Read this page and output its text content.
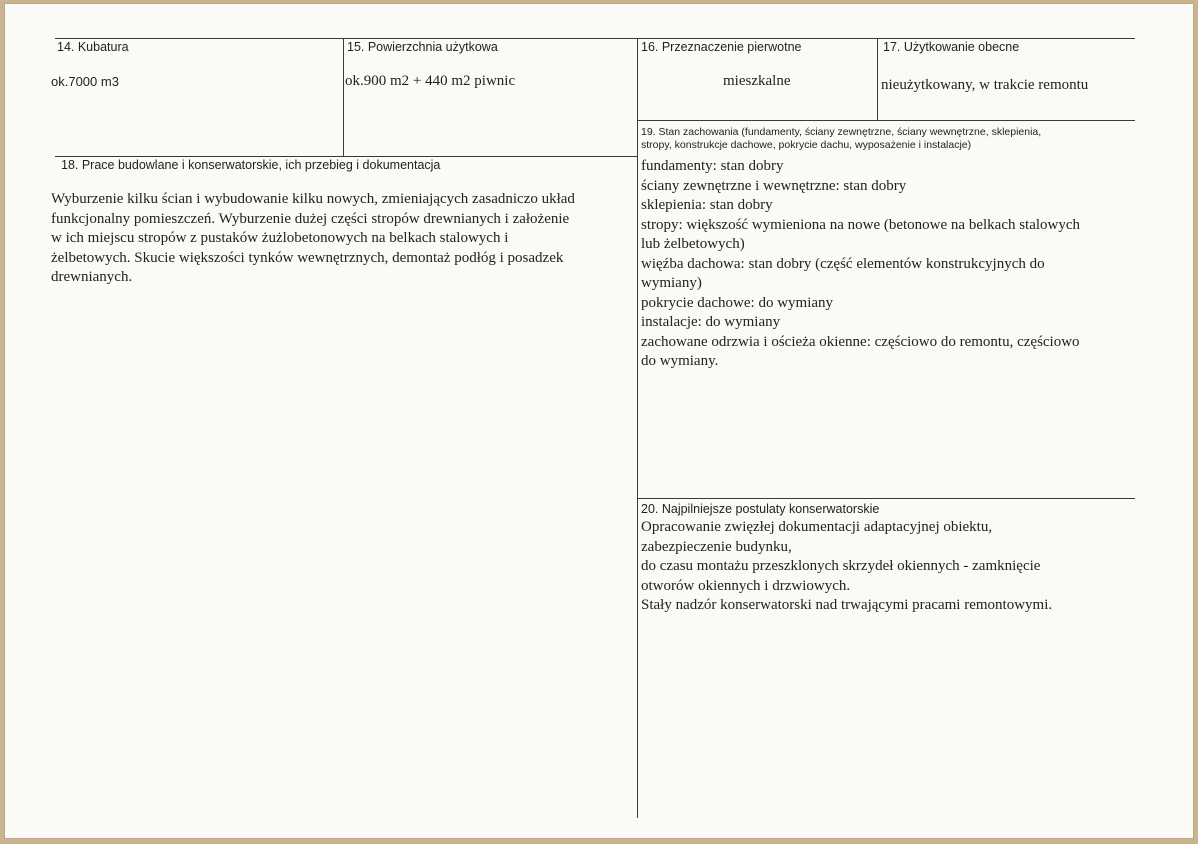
14. Kubatura
ok.7000 m3
15. Powierzchnia użytkowa
ok.900 m2 + 440 m2 piwnic
16. Przeznaczenie pierwotne
mieszkalne
17. Użytkowanie obecne
nieużytkowany, w trakcie remontu
18. Prace budowlane i konserwatorskie, ich przebieg i dokumentacja
Wyburzenie kilku ścian i wybudowanie kilku nowych, zmieniających zasadniczo układ
funkcjonalny pomieszczeń. Wyburzenie dużej części stropów drewnianych i założenie
w ich miejscu stropów z pustaków żużlobetonowych na belkach stalowych i
żelbetowych. Skucie większości tynków wewnętrznych, demontaż podłóg i posadzek
drewnianych.
19. Stan zachowania (fundamenty, ściany zewnętrzne, ściany wewnętrzne, sklepienia,
stropy, konstrukcje dachowe, pokrycie dachu, wyposażenie i instalacje)
fundamenty: stan dobry
ściany zewnętrzne i wewnętrzne: stan dobry
sklepienia: stan dobry
stropy: większość wymieniona na nowe (betonowe na belkach stalowych
lub żelbetowych)
więźba dachowa: stan dobry (część elementów konstrukcyjnych do
wymiany)
pokrycie dachowe: do wymiany
instalacje: do wymiany
zachowane odrzwia i ościeża okienne: częściowo do remontu, częściowo
do wymiany.
20. Najpilniejsze postulaty konserwatorskie
Opracowanie zwięzłej dokumentacji adaptacyjnej obiektu,
zabezpieczenie budynku,
do czasu montażu przeszklonych skrzydeł okiennych - zamknięcie
otworów okiennych i drzwiowych.
Stały nadzór konserwatorski nad trwającymi pracami remontowymi.
